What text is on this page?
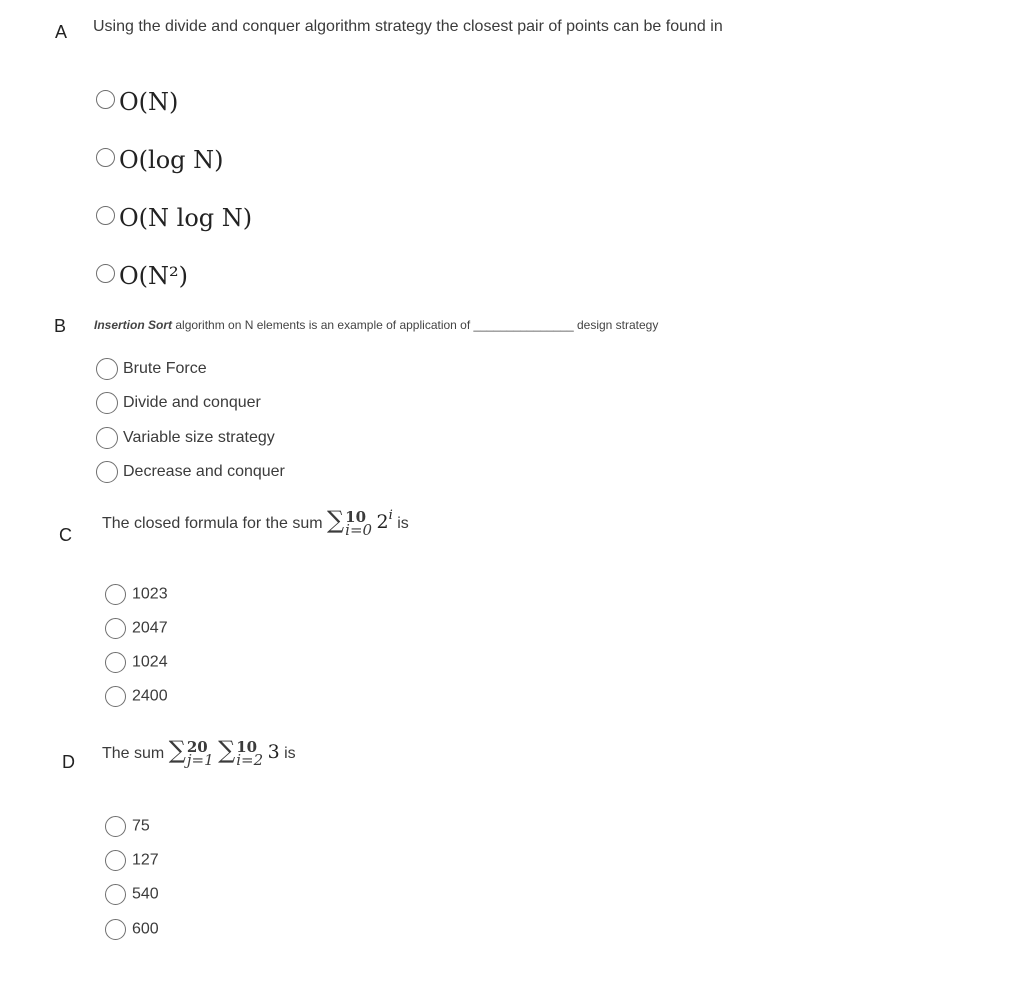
A Using the divide and conquer algorithm strategy the closest pair of points can be found in
O(N)
O(log N)
O(N log N)
O(N²)
B Insertion Sort algorithm on N elements is an example of application of _______________ design strategy
Brute Force
Divide and conquer
Variable size strategy
Decrease and conquer
C
The closed formula for the sum ∑ 10
i=0 2$^i$ is
1023
2047
1024
2400
D The sum ∑ 20
j=1 ∑ 10
i=2 3 is
75
127
540
600
